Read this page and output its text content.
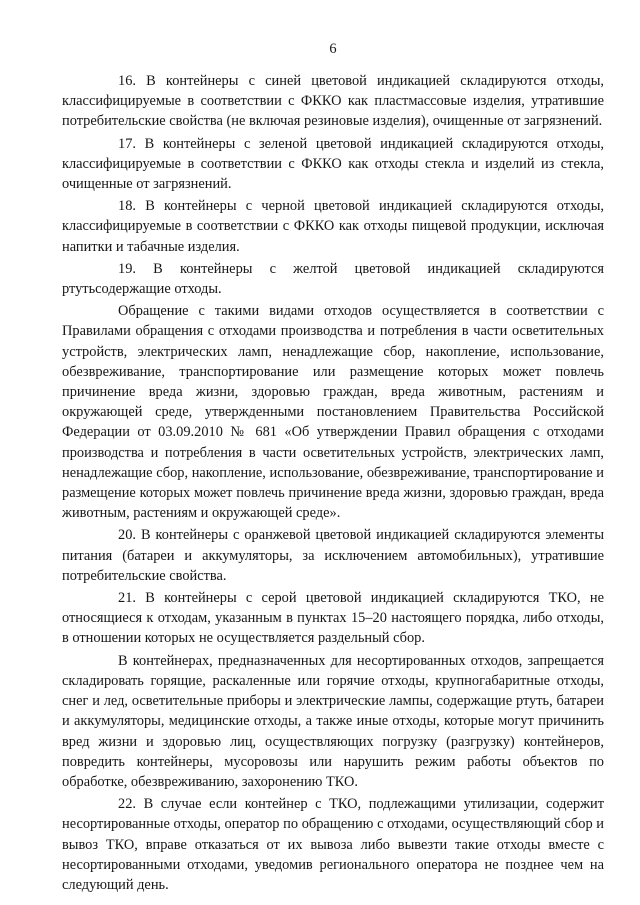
6

16. В контейнеры с синей цветовой индикацией складируются отходы, классифицируемые в соответствии с ФККО как пластмассовые изделия, утратившие потребительские свойства (не включая резиновые изделия), очищенные от загрязнений.

17. В контейнеры с зеленой цветовой индикацией складируются отходы, классифицируемые в соответствии с ФККО как отходы стекла и изделий из стекла, очищенные от загрязнений.

18. В контейнеры с черной цветовой индикацией складируются отходы, классифицируемые в соответствии с ФККО как отходы пищевой продукции, исключая напитки и табачные изделия.

19. В контейнеры с желтой цветовой индикацией складируются ртутьсодержащие отходы.

Обращение с такими видами отходов осуществляется в соответствии с Правилами обращения с отходами производства и потребления в части осветительных устройств, электрических ламп, ненадлежащие сбор, накопление, использование, обезвреживание, транспортирование или размещение которых может повлечь причинение вреда жизни, здоровью граждан, вреда животным, растениям и окружающей среде, утвержденными постановлением Правительства Российской Федерации от 03.09.2010 № 681 «Об утверждении Правил обращения с отходами производства и потребления в части осветительных устройств, электрических ламп, ненадлежащие сбор, накопление, использование, обезвреживание, транспортирование и размещение которых может повлечь причинение вреда жизни, здоровью граждан, вреда животным, растениям и окружающей среде».

20. В контейнеры с оранжевой цветовой индикацией складируются элементы питания (батареи и аккумуляторы, за исключением автомобильных), утратившие потребительские свойства.

21. В контейнеры с серой цветовой индикацией складируются ТКО, не относящиеся к отходам, указанным в пунктах 15–20 настоящего порядка, либо отходы, в отношении которых не осуществляется раздельный сбор.

В контейнерах, предназначенных для несортированных отходов, запрещается складировать горящие, раскаленные или горячие отходы, крупногабаритные отходы, снег и лед, осветительные приборы и электрические лампы, содержащие ртуть, батареи и аккумуляторы, медицинские отходы, а также иные отходы, которые могут причинить вред жизни и здоровью лиц, осуществляющих погрузку (разгрузку) контейнеров, повредить контейнеры, мусоровозы или нарушить режим работы объектов по обработке, обезвреживанию, захоронению ТКО.

22. В случае если контейнер с ТКО, подлежащими утилизации, содержит несортированные отходы, оператор по обращению с отходами, осуществляющий сбор и вывоз ТКО, вправе отказаться от их вывоза либо вывезти такие отходы вместе с несортированными отходами, уведомив регионального оператора не позднее чем на следующий день.
